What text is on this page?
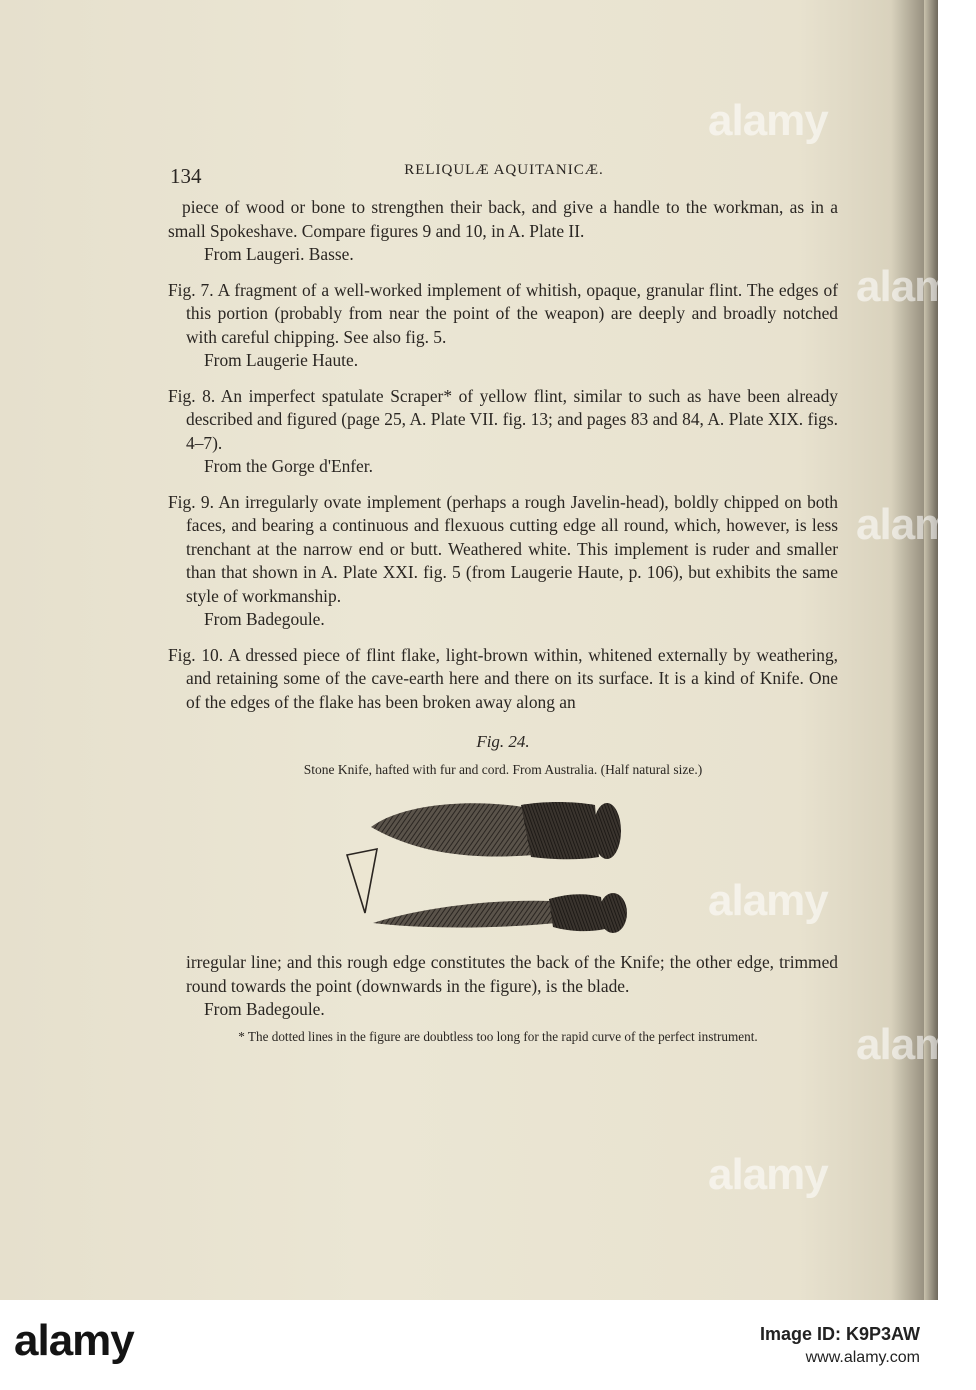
alamy
alamy
alamy
alamy
alamy
alamy
134	RELIQULÆ AQUITANICÆ.
piece of wood or bone to strengthen their back, and give a handle to the workman, as in a small Spokeshave. Compare figures 9 and 10, in A. Plate II.
From Laugeri. Basse.
Fig. 7. A fragment of a well-worked implement of whitish, opaque, granular flint. The edges of this portion (probably from near the point of the weapon) are deeply and broadly notched with careful chipping. See also fig. 5.
From Laugerie Haute.
Fig. 8. An imperfect spatulate Scraper* of yellow flint, similar to such as have been already described and figured (page 25, A. Plate VII. fig. 13; and pages 83 and 84, A. Plate XIX. figs. 4–7).
From the Gorge d'Enfer.
Fig. 9. An irregularly ovate implement (perhaps a rough Javelin-head), boldly chipped on both faces, and bearing a continuous and flexuous cutting edge all round, which, however, is less trenchant at the narrow end or butt. Weathered white. This implement is ruder and smaller than that shown in A. Plate XXI. fig. 5 (from Laugerie Haute, p. 106), but exhibits the same style of workmanship.
From Badegoule.
Fig. 10. A dressed piece of flint flake, light-brown within, whitened externally by weathering, and retaining some of the cave-earth here and there on its surface. It is a kind of Knife. One of the edges of the flake has been broken away along an
Fig. 24.
Stone Knife, hafted with fur and cord. From Australia. (Half natural size.)
irregular line; and this rough edge constitutes the back of the Knife; the other edge, trimmed round towards the point (downwards in the figure), is the blade.
From Badegoule.
* The dotted lines in the figure are doubtless too long for the rapid curve of the perfect instrument.
alamy	Image ID: K9P3AW
www.alamy.com
